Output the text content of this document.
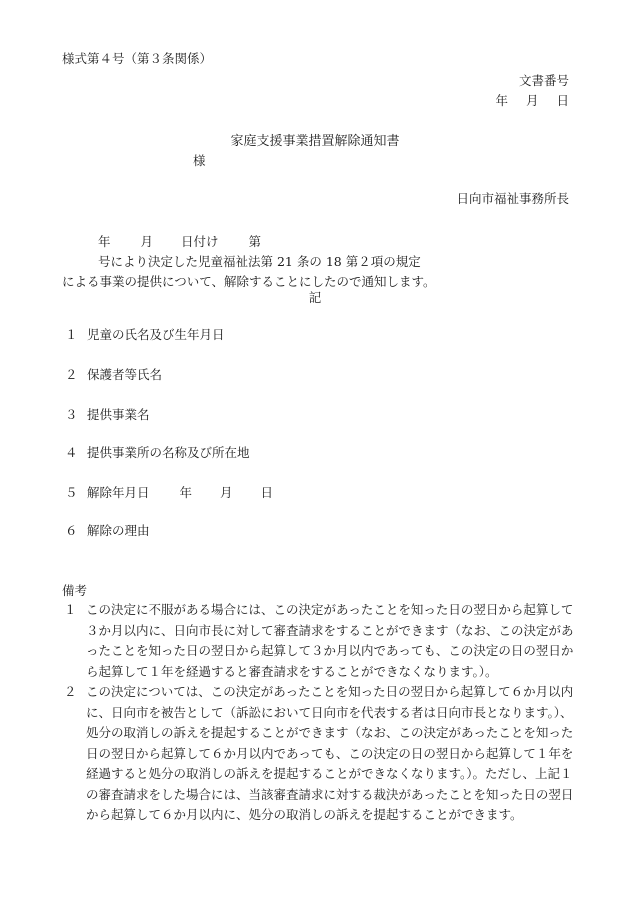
様式第４号（第３条関係）
文書番号
年 月 日
家庭支援事業措置解除通知書
様
日向市福祉事務所長
年 月 日付け 第号により決定した児童福祉法第 21 条の 18 第２項の規定
による事業の提供について、解除することにしたので通知します。
記
１ 児童の氏名及び生年月日
２ 保護者等氏名
３ 提供事業名
４ 提供事業所の名称及び所在地
５ 解除年月日 年 月 日
６ 解除の理由
備考
１ この決定に不服がある場合には、この決定があったことを知った日の翌日から起算して３か月以内に、日向市長に対して審査請求をすることができます（なお、この決定があったことを知った日の翌日から起算して３か月以内であっても、この決定の日の翌日から起算して１年を経過すると審査請求をすることができなくなります。）。
２ この決定については、この決定があったことを知った日の翌日から起算して６か月以内に、日向市を被告として（訴訟において日向市を代表する者は日向市長となります。）、処分の取消しの訴えを提起することができます（なお、この決定があったことを知った日の翌日から起算して６か月以内であっても、この決定の日の翌日から起算して１年を経過すると処分の取消しの訴えを提起することができなくなります。）。ただし、上記１の審査請求をした場合には、当該審査請求に対する裁決があったことを知った日の翌日から起算して６か月以内に、処分の取消しの訴えを提起することができます。
